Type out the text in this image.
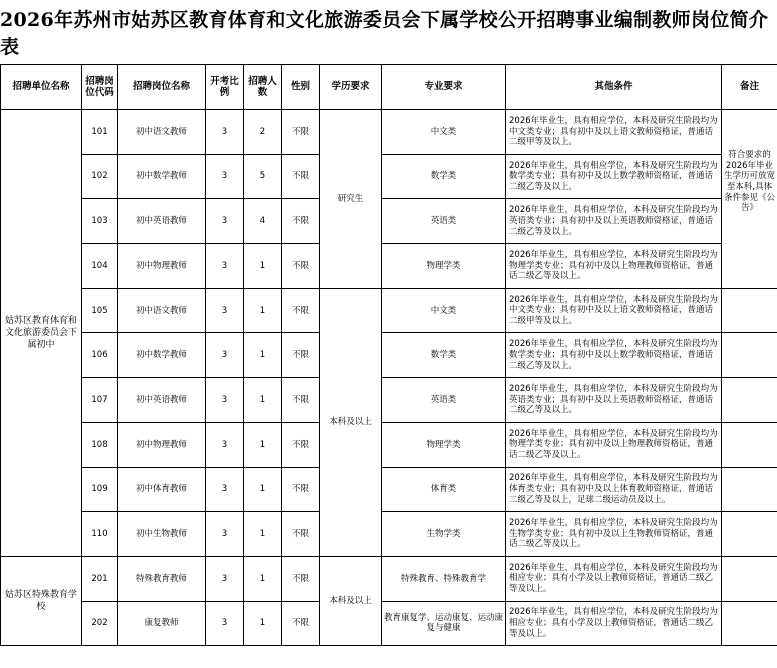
2026年苏州市姑苏区教育体育和文化旅游委员会下属学校公开招聘事业编制教师岗位简介表
招聘单位名称	招聘岗位代码	招聘岗位名称	开考比例	招聘人数	性别	学历要求	专业要求	其他条件	备注
姑苏区教育体育和文化旅游委员会下属初中	101	初中语文教师	3	2	不限	研究生	中文类	2026年毕业生，具有相应学位，本科及研究生阶段均为中文类专业；具有初中及以上语文教师资格证，普通话二级甲等及以上。	符合要求的2026年毕业生学历可放宽至本科,具体条件参见《公告》
	102	初中数学教师	3	5	不限		数学类	2026年毕业生，具有相应学位，本科及研究生阶段均为数学类专业；具有初中及以上数学教师资格证，普通话二级乙等及以上。	
	103	初中英语教师	3	4	不限		英语类	2026年毕业生，具有相应学位，本科及研究生阶段均为英语类专业；具有初中及以上英语教师资格证，普通话二级乙等及以上。	
	104	初中物理教师	3	1	不限		物理学类	2026年毕业生，具有相应学位，本科及研究生阶段均为物理学类专业；具有初中及以上物理教师资格证，普通话二级乙等及以上。	
	105	初中语文教师	3	1	不限	本科及以上	中文类	2026年毕业生，具有相应学位，本科及研究生阶段均为中文类专业；具有初中及以上语文教师资格证，普通话二级甲等及以上。	
	106	初中数学教师	3	1	不限		数学类	2026年毕业生，具有相应学位，本科及研究生阶段均为数学类专业；具有初中及以上数学教师资格证，普通话二级乙等及以上。	
	107	初中英语教师	3	1	不限		英语类	2026年毕业生，具有相应学位，本科及研究生阶段均为英语类专业；具有初中及以上英语教师资格证，普通话二级乙等及以上。	
	108	初中物理教师	3	1	不限		物理学类	2026年毕业生，具有相应学位，本科及研究生阶段均为物理学类专业；具有初中及以上物理教师资格证，普通话二级乙等及以上。	
	109	初中体育教师	3	1	不限		体育类	2026年毕业生，具有相应学位，本科及研究生阶段均为体育类专业；具有初中及以上体育教师资格证，普通话二级乙等及以上，足球二级运动员及以上。	
	110	初中生物教师	3	1	不限		生物学类	2026年毕业生，具有相应学位，本科及研究生阶段均为生物学类专业；具有初中及以上生物教师资格证，普通话二级乙等及以上。	
姑苏区特殊教育学校	201	特殊教育教师	3	1	不限	本科及以上	特殊教育、特殊教育学	2026年毕业生，具有相应学位，本科及研究生阶段均为相应专业；具有小学及以上教师资格证，普通话二级乙等及以上。	
	202	康复教师	3	1	不限		教育康复学、运动康复、运动康复与健康	2026年毕业生，具有相应学位，本科及研究生阶段均为相应专业；具有小学及以上教师资格证，普通话二级乙等及以上。	
